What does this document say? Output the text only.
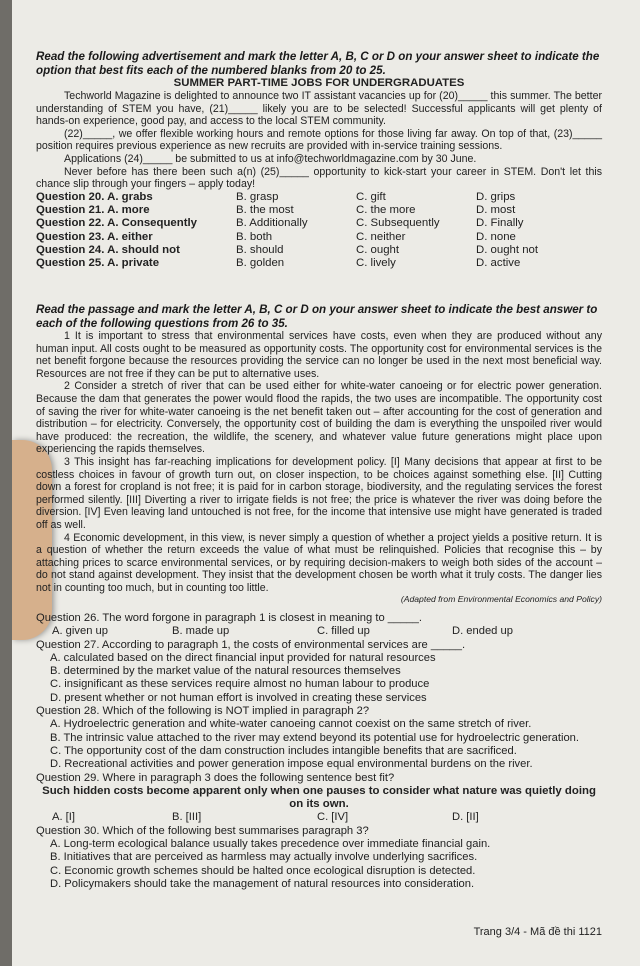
Read the following advertisement and mark the letter A, B, C or D on your answer sheet to indicate the option that best fits each of the numbered blanks from 20 to 25.
SUMMER PART-TIME JOBS FOR UNDERGRADUATES
Techworld Magazine is delighted to announce two IT assistant vacancies up for (20)_____ this summer. The better understanding of STEM you have, (21)_____ likely you are to be selected! Successful applicants will get plenty of hands-on experience, good pay, and access to the local STEM community.
(22)_____, we offer flexible working hours and remote options for those living far away. On top of that, (23)_____ position requires previous experience as new recruits are provided with in-service training sessions.
Applications (24)_____ be submitted to us at info@techworldmagazine.com by 30 June.
Never before has there been such a(n) (25)_____ opportunity to kick-start your career in STEM. Don't let this chance slip through your fingers – apply today!
Question 20. A. grabs	B. grasp	C. gift	D. grips
Question 21. A. more	B. the most	C. the more	D. most
Question 22. A. Consequently	B. Additionally	C. Subsequently	D. Finally
Question 23. A. either	B. both	C. neither	D. none
Question 24. A. should not	B. should	C. ought	D. ought not
Question 25. A. private	B. golden	C. lively	D. active
Read the passage and mark the letter A, B, C or D on your answer sheet to indicate the best answer to each of the following questions from 26 to 35.
1 It is important to stress that environmental services have costs, even when they are produced without any human input. All costs ought to be measured as opportunity costs. The opportunity cost for environmental services is the net benefit forgone because the resources providing the service can no longer be used in the next most beneficial way. Resources are not free if they can be put to alternative uses.
2 Consider a stretch of river that can be used either for white-water canoeing or for electric power generation. Because the dam that generates the power would flood the rapids, the two uses are incompatible. The opportunity cost of saving the river for white-water canoeing is the net benefit taken out – after accounting for the cost of generation and distribution – for electricity. Conversely, the opportunity cost of building the dam is everything the unspoiled river would have produced: the recreation, the wildlife, the scenery, and whatever value future generations might place upon experiencing the rapids themselves.
3 This insight has far-reaching implications for development policy. [I] Many decisions that appear at first to be costless choices in favour of growth turn out, on closer inspection, to be choices against something else. [II] Cutting down a forest for cropland is not free; it is paid for in carbon storage, biodiversity, and the regulating services the forest performed silently. [III] Diverting a river to irrigate fields is not free; the price is whatever the river was doing before the diversion. [IV] Even leaving land untouched is not free, for the income that intensive use might have generated is traded off as well.
4 Economic development, in this view, is never simply a question of whether a project yields a positive return. It is a question of whether the return exceeds the value of what must be relinquished. Policies that recognise this – by attaching prices to scarce environmental services, or by requiring decision-makers to weigh both sides of the account – do not stand against development. They insist that the development chosen be worth what it truly costs. The danger lies not in counting too much, but in counting too little.
(Adapted from Environmental Economics and Policy)
Question 26. The word forgone in paragraph 1 is closest in meaning to _____.
A. given up	B. made up	C. filled up	D. ended up
Question 27. According to paragraph 1, the costs of environmental services are _____.
A. calculated based on the direct financial input provided for natural resources
B. determined by the market value of the natural resources themselves
C. insignificant as these services require almost no human labour to produce
D. present whether or not human effort is involved in creating these services
Question 28. Which of the following is NOT implied in paragraph 2?
A. Hydroelectric generation and white-water canoeing cannot coexist on the same stretch of river.
B. The intrinsic value attached to the river may extend beyond its potential use for hydroelectric generation.
C. The opportunity cost of the dam construction includes intangible benefits that are sacrificed.
D. Recreational activities and power generation impose equal environmental burdens on the river.
Question 29. Where in paragraph 3 does the following sentence best fit?
Such hidden costs become apparent only when one pauses to consider what nature was quietly doing on its own.
A. [I]	B. [III]	C. [IV]	D. [II]
Question 30. Which of the following best summarises paragraph 3?
A. Long-term ecological balance usually takes precedence over immediate financial gain.
B. Initiatives that are perceived as harmless may actually involve underlying sacrifices.
C. Economic growth schemes should be halted once ecological disruption is detected.
D. Policymakers should take the management of natural resources into consideration.
Trang 3/4 - Mã đề thi 1121
